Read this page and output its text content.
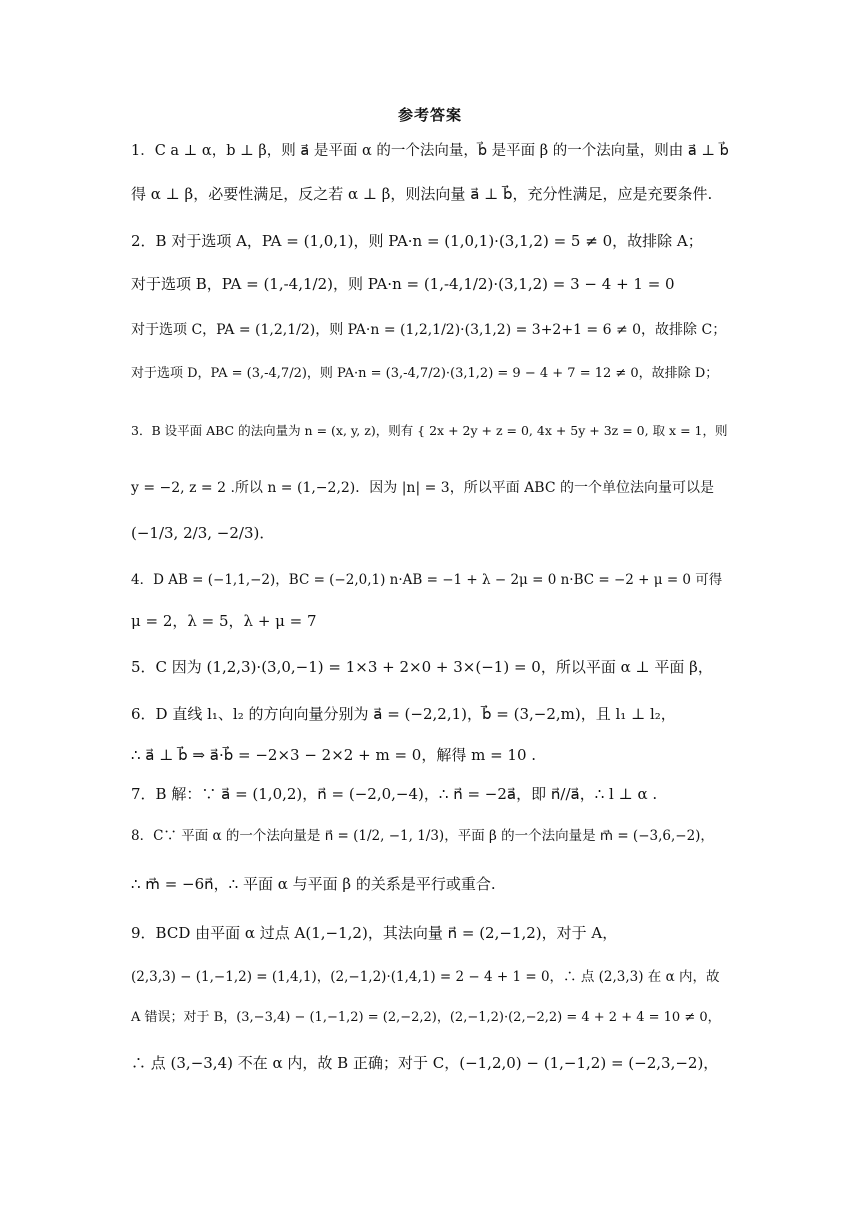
参考答案
1．C a ⊥ α，b ⊥ β，则 a⃗ 是平面 α 的一个法向量，b⃗ 是平面 β 的一个法向量，则由 a⃗ ⊥ b⃗
得 α ⊥ β，必要性满足，反之若 α ⊥ β，则法向量 a⃗ ⊥ b⃗，充分性满足，应是充要条件.
2．B 对于选项 A，PA = (1,0,1)，则 PA·n = (1,0,1)·(3,1,2) = 5 ≠ 0，故排除 A；
对于选项 B，PA = (1,-4,1/2)，则 PA·n = (1,-4,1/2)·(3,1,2) = 3 − 4 + 1 = 0
对于选项 C，PA = (1,2,1/2)，则 PA·n = (1,2,1/2)·(3,1,2) = 3+2+1 = 6 ≠ 0，故排除 C；
对于选项 D，PA = (3,-4,7/2)，则 PA·n = (3,-4,7/2)·(3,1,2) = 9 − 4 + 7 = 12 ≠ 0，故排除 D；
3．B 设平面 ABC 的法向量为 n = (x, y, z)，则有 { 2x + 2y + z = 0, 4x + 5y + 3z = 0, 取 x = 1，则
y = −2, z = 2 .所以 n = (1,−2,2)．因为 |n| = 3，所以平面 ABC 的一个单位法向量可以是
(−1/3, 2/3, −2/3)．
4．D AB = (−1,1,−2)，BC = (−2,0,1) n·AB = −1 + λ − 2μ = 0 n·BC = −2 + μ = 0 可得
μ = 2，λ = 5，λ + μ = 7
5．C 因为 (1,2,3)·(3,0,−1) = 1×3 + 2×0 + 3×(−1) = 0，所以平面 α ⊥ 平面 β，
6．D 直线 l₁、l₂ 的方向向量分别为 a⃗ = (−2,2,1)，b⃗ = (3,−2,m)，且 l₁ ⊥ l₂，
∴ a⃗ ⊥ b⃗ ⇒ a⃗·b⃗ = −2×3 − 2×2 + m = 0，解得 m = 10 .
7．B 解：∵ a⃗ = (1,0,2)，n⃗ = (−2,0,−4)，∴ n⃗ = −2a⃗，即 n⃗//a⃗，∴ l ⊥ α .
8．C∵ 平面 α 的一个法向量是 n⃗ = (1/2, −1, 1/3)，平面 β 的一个法向量是 m⃗ = (−3,6,−2)，
∴ m⃗ = −6n⃗，∴ 平面 α 与平面 β 的关系是平行或重合.
9．BCD 由平面 α 过点 A(1,−1,2)，其法向量 n⃗ = (2,−1,2)，对于 A，
(2,3,3) − (1,−1,2) = (1,4,1)，(2,−1,2)·(1,4,1) = 2 − 4 + 1 = 0，∴ 点 (2,3,3) 在 α 内，故
A 错误；对于 B，(3,−3,4) − (1,−1,2) = (2,−2,2)，(2,−1,2)·(2,−2,2) = 4 + 2 + 4 = 10 ≠ 0，
∴ 点 (3,−3,4) 不在 α 内，故 B 正确；对于 C，(−1,2,0) − (1,−1,2) = (−2,3,−2)，
